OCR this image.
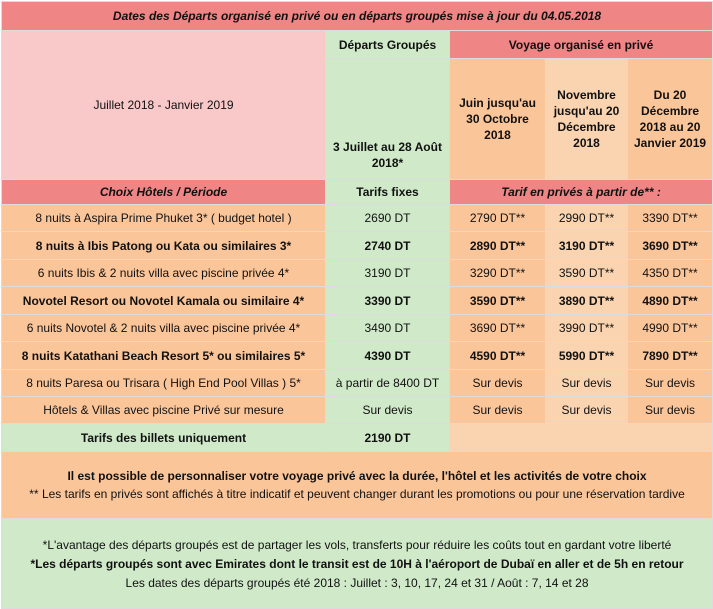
Dates des Départs organisé en privé ou en départs groupés mise à jour du 04.05.2018				
Juillet 2018 - Janvier 2019	Départs Groupés	Voyage organisé en privé		
	3 Juillet au 28 Août 2018*	Juin jusqu'au 30 Octobre 2018	Novembre jusqu'au 20 Décembre 2018	Du 20 Décembre 2018 au 20 Janvier 2019
Choix Hôtels / Période	Tarifs fixes	Tarif en privés à partir de** :		
8 nuits à Aspira Prime Phuket 3* ( budget hotel )	2690 DT	2790 DT**	2990 DT**	3390 DT**
8 nuits à Ibis Patong ou Kata ou similaires 3*	2740 DT	2890 DT**	3190 DT**	3690 DT**
6 nuits Ibis & 2 nuits villa avec piscine privée 4*	3190 DT	3290 DT**	3590 DT**	4350 DT**
Novotel Resort ou Novotel Kamala ou similaire 4*	3390 DT	3590 DT**	3890 DT**	4890 DT**
6 nuits Novotel & 2 nuits villa avec piscine privée 4*	3490 DT	3690 DT**	3990 DT**	4990 DT**
8 nuits Katathani Beach Resort 5* ou similaires 5*	4390 DT	4590 DT**	5990 DT**	7890 DT**
8 nuits Paresa ou Trisara ( High End Pool Villas ) 5*	à partir de 8400 DT	Sur devis	Sur devis	Sur devis
Hôtels & Villas avec piscine Privé sur mesure	Sur devis	Sur devis	Sur devis	Sur devis
Tarifs des billets uniquement	2190 DT			

Il est possible de personnaliser votre voyage privé avec la durée, l'hôtel et les activités de votre choix
** Les tarifs en privés sont affichés à titre indicatif et peuvent changer durant les promotions ou pour une réservation tardive				

*L'avantage des départs groupés est de partager les vols, transferts pour réduire les coûts tout en gardant votre liberté
*Les départs groupés sont avec Emirates dont le transit est de 10H à l'aéroport de Dubaï en aller et de 5h en retour
Les dates des départs groupés été 2018 : Juillet : 3, 10, 17, 24 et 31 / Août : 7, 14 et 28				
